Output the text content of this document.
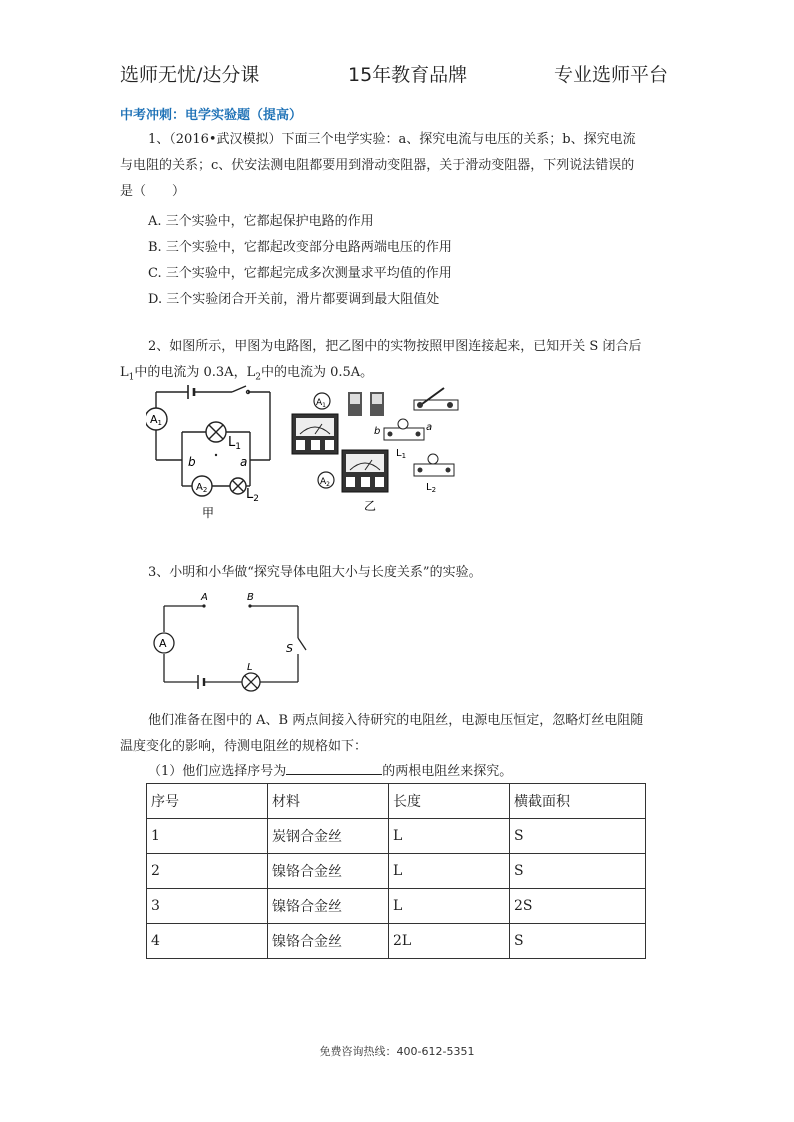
选师无忧/达分课	15年教育品牌	专业选师平台
中考冲刺：电学实验题（提高）
1、（2016•武汉模拟）下面三个电学实验：a、探究电流与电压的关系；b、探究电流
与电阻的关系；c、伏安法测电阻都要用到滑动变阻器，关于滑动变阻器，下列说法错误的
是（　　）
A. 三个实验中，它都起保护电路的作用
B. 三个实验中，它都起改变部分电路两端电压的作用
C. 三个实验中，它都起完成多次测量求平均值的作用
D. 三个实验闭合开关前，滑片都要调到最大阻值处
2、如图所示，甲图为电路图，把乙图中的实物按照甲图连接起来，已知开关 S 闭合后
$L_1$中的电流为 0.3A，$L_2$中的电流为 0.5A。
A1
$L_1$
b	a
$A_2$	$L_2$
甲
$A_1$
b	a
$L_1$
$A_2$	$L_2$
乙
3、小明和小华做“探究导体电阻大小与长度关系”的实验。
A	B
A	S
L
他们准备在图中的 A、B 两点间接入待研究的电阻丝，电源电压恒定，忽略灯丝电阻随
温度变化的影响，待测电阻丝的规格如下：
（1）他们应选择序号为	的两根电阻丝来探究。
序号	材料	长度	横截面积
1	炭钢合金丝	L	S
2	镍铬合金丝	L	S
3	镍铬合金丝	L	2S
4	镍铬合金丝	2L	S
免费咨询热线：400-612-5351
